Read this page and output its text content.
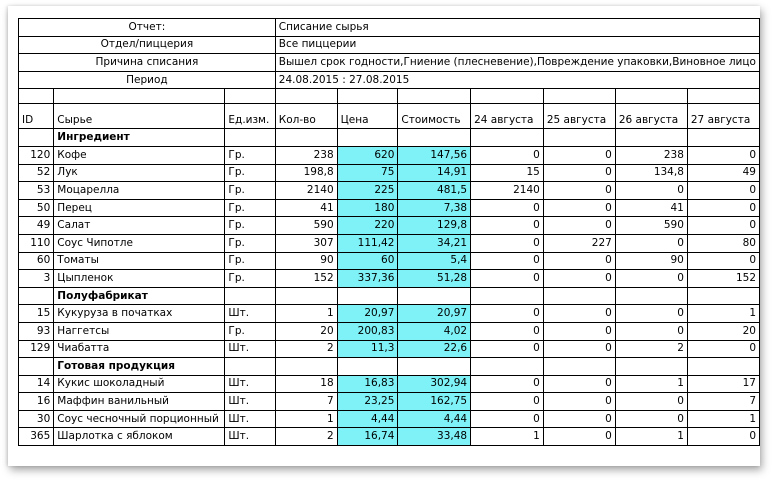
Отчет:			Списание сырья						
Отдел/пиццерия			Все пиццерии						
Причина списания			Вышел срок годности,Гниение (плесневение),Повреждение упаковки,Виновное лицо						
Период			24.08.2015 : 27.08.2015						

ID	Сырье	Ед.изм.	Кол-во	Цена	Стоимость	24 августа	25 августа	26 августа	27 августа
	Ингредиент								
120	Кофе	Гр.	238	620	147,56	0	0	238	0
52	Лук	Гр.	198,8	75	14,91	15	0	134,8	49
53	Моцарелла	Гр.	2140	225	481,5	2140	0	0	0
50	Перец	Гр.	41	180	7,38	0	0	41	0
49	Салат	Гр.	590	220	129,8	0	0	590	0
110	Соус Чипотле	Гр.	307	111,42	34,21	0	227	0	80
60	Томаты	Гр.	90	60	5,4	0	0	90	0
3	Цыпленок	Гр.	152	337,36	51,28	0	0	0	152
	Полуфабрикат								
15	Кукуруза в початках	Шт.	1	20,97	20,97	0	0	0	1
93	Наггетсы	Гр.	20	200,83	4,02	0	0	0	20
129	Чиабатта	Шт.	2	11,3	22,6	0	0	2	0
	Готовая продукция								
14	Кукис шоколадный	Шт.	18	16,83	302,94	0	0	1	17
16	Маффин ванильный	Шт.	7	23,25	162,75	0	0	0	7
30	Соус чесночный порционный	Шт.	1	4,44	4,44	0	0	0	1
365	Шарлотка с яблоком	Шт.	2	16,74	33,48	1	0	1	0
